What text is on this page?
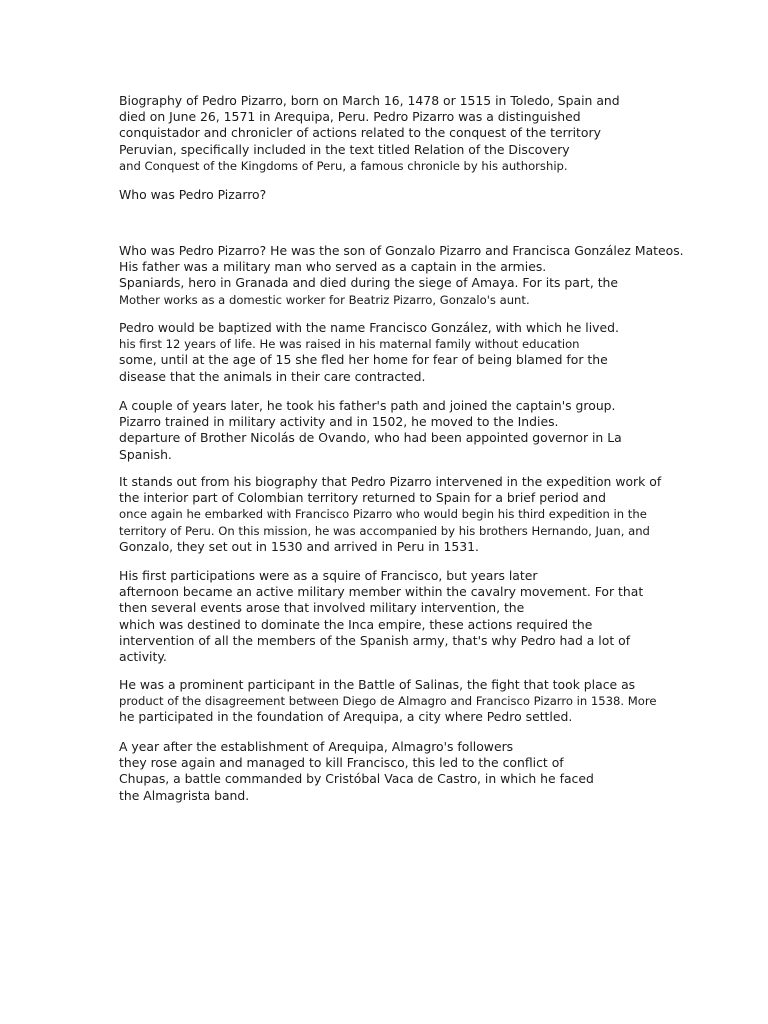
Biography of Pedro Pizarro, born on March 16, 1478 or 1515 in Toledo, Spain and
died on June 26, 1571 in Arequipa, Peru. Pedro Pizarro was a distinguished
conquistador and chronicler of actions related to the conquest of the territory
Peruvian, specifically included in the text titled Relation of the Discovery
and Conquest of the Kingdoms of Peru, a famous chronicle by his authorship.
Who was Pedro Pizarro?
Who was Pedro Pizarro? He was the son of Gonzalo Pizarro and Francisca González Mateos.
His father was a military man who served as a captain in the armies.
Spaniards, hero in Granada and died during the siege of Amaya. For its part, the
Mother works as a domestic worker for Beatriz Pizarro, Gonzalo's aunt.
Pedro would be baptized with the name Francisco González, with which he lived.
his first 12 years of life. He was raised in his maternal family without education
some, until at the age of 15 she fled her home for fear of being blamed for the
disease that the animals in their care contracted.
A couple of years later, he took his father's path and joined the captain's group.
Pizarro trained in military activity and in 1502, he moved to the Indies.
departure of Brother Nicolás de Ovando, who had been appointed governor in La
Spanish.
It stands out from his biography that Pedro Pizarro intervened in the expedition work of
the interior part of Colombian territory returned to Spain for a brief period and
once again he embarked with Francisco Pizarro who would begin his third expedition in the
territory of Peru. On this mission, he was accompanied by his brothers Hernando, Juan, and
Gonzalo, they set out in 1530 and arrived in Peru in 1531.
His first participations were as a squire of Francisco, but years later
afternoon became an active military member within the cavalry movement. For that
then several events arose that involved military intervention, the
which was destined to dominate the Inca empire, these actions required the
intervention of all the members of the Spanish army, that's why Pedro had a lot of
activity.
He was a prominent participant in the Battle of Salinas, the fight that took place as
product of the disagreement between Diego de Almagro and Francisco Pizarro in 1538. More
he participated in the foundation of Arequipa, a city where Pedro settled.
A year after the establishment of Arequipa, Almagro's followers
they rose again and managed to kill Francisco, this led to the conflict of
Chupas, a battle commanded by Cristóbal Vaca de Castro, in which he faced
the Almagrista band.
